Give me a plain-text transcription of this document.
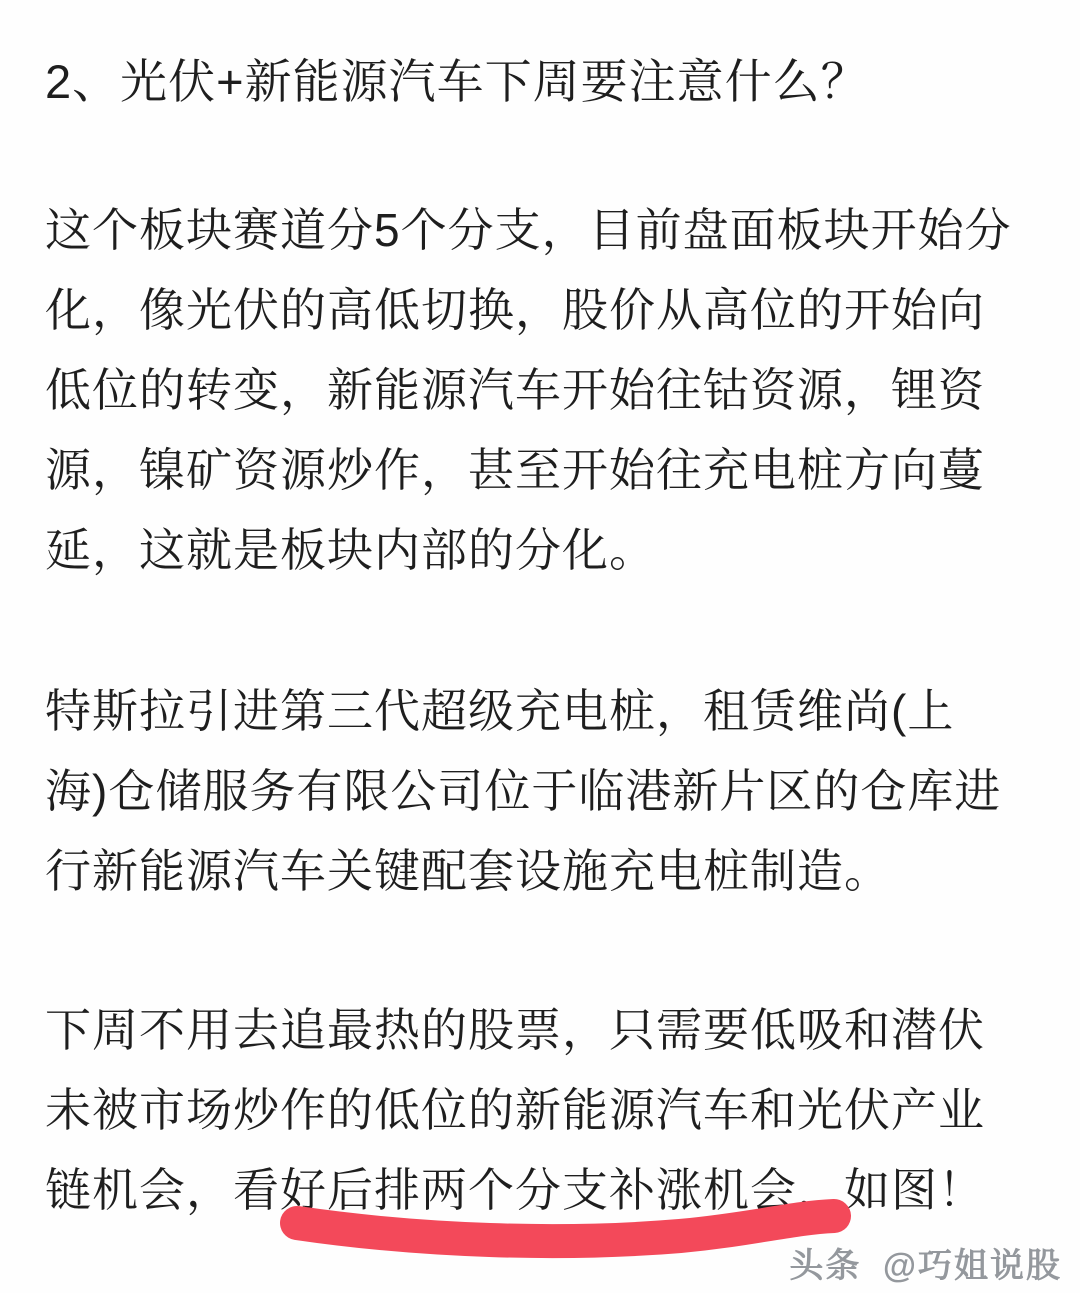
2、光伏+新能源汽车下周要注意什么？
这个板块赛道分5个分支，目前盘面板块开始分
化，像光伏的高低切换，股价从高位的开始向
低位的转变，新能源汽车开始往钴资源，锂资
源，镍矿资源炒作，甚至开始往充电桩方向蔓
延，这就是板块内部的分化。
特斯拉引进第三代超级充电桩，租赁维尚(上
海)仓储服务有限公司位于临港新片区的仓库进
行新能源汽车关键配套设施充电桩制造。
下周不用去追最热的股票，只需要低吸和潜伏
未被市场炒作的低位的新能源汽车和光伏产业
链机会，看好后排两个分支补涨机会，如图！
头条 @巧姐说股
